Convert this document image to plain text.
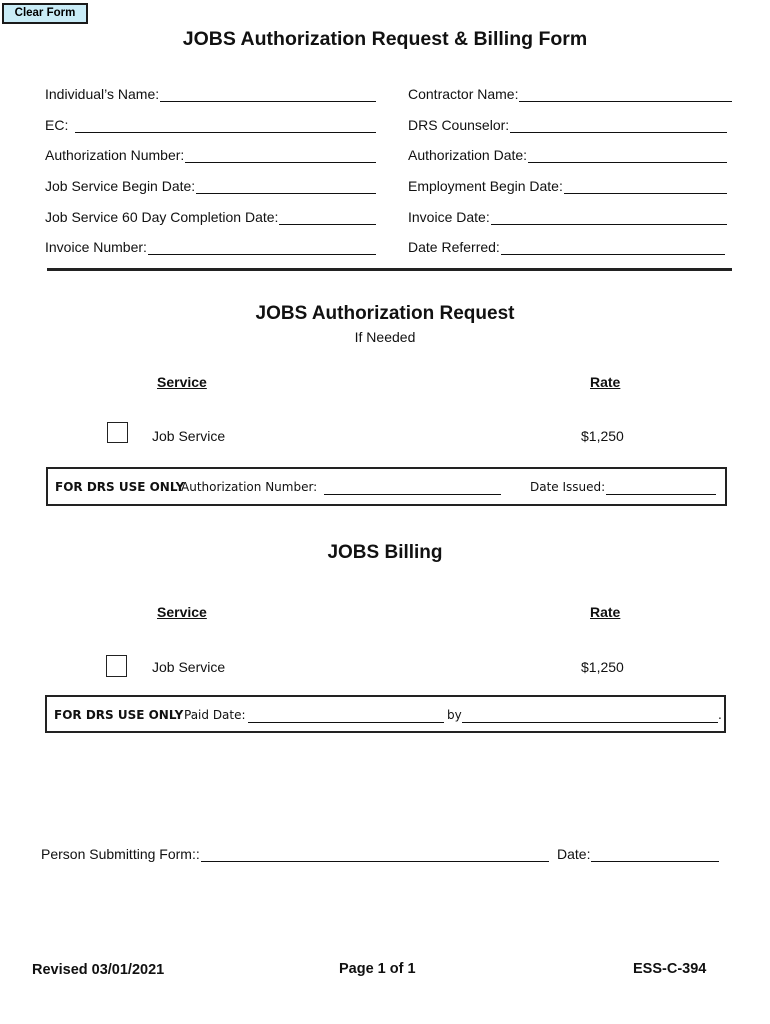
Clear Form
JOBS Authorization Request & Billing Form
Individual’s Name:
EC:
Authorization Number:
Job Service Begin Date:
Job Service 60 Day Completion Date:
Invoice Number:
Contractor Name:
DRS Counselor:
Authorization Date:
Employment Begin Date:
Invoice Date:
Date Referred:
JOBS Authorization Request
If Needed
Service	Rate
Job Service	$1,250
FOR DRS USE ONLY
Authorization Number:	Date Issued:
JOBS Billing
Service	Rate
Job Service	$1,250
FOR DRS USE ONLY Paid Date:	by	.
Person Submitting Form::	Date:
Revised 03/01/2021	Page 1 of 1	ESS-C-394
